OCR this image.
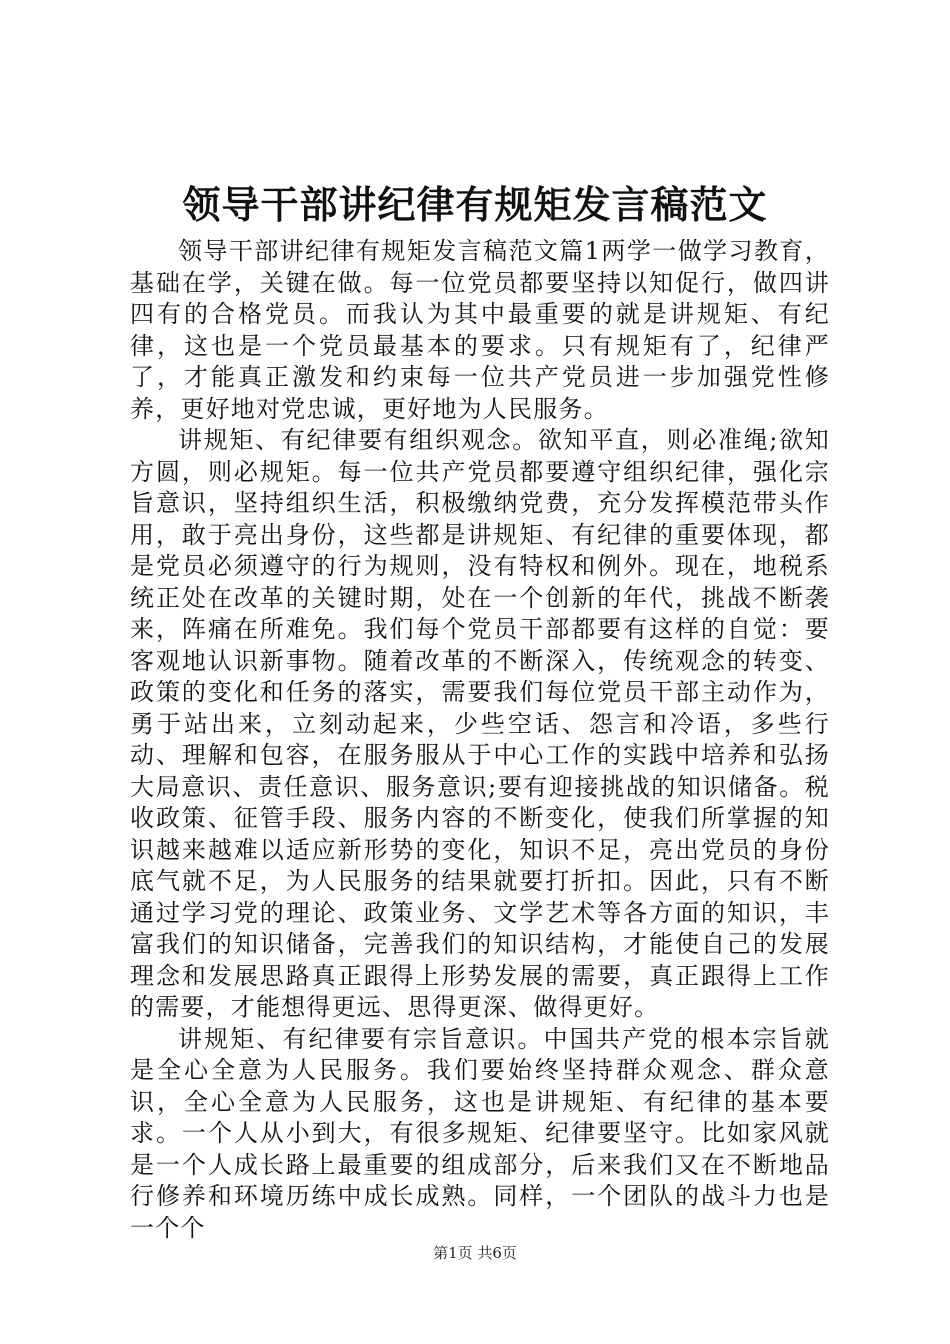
领导干部讲纪律有规矩发言稿范文

领导干部讲纪律有规矩发言稿范文篇1两学一做学习教育，基础在学，关键在做。每一位党员都要坚持以知促行，做四讲四有的合格党员。而我认为其中最重要的就是讲规矩、有纪律，这也是一个党员最基本的要求。只有规矩有了，纪律严了，才能真正激发和约束每一位共产党员进一步加强党性修养，更好地对党忠诚，更好地为人民服务。

讲规矩、有纪律要有组织观念。欲知平直，则必准绳;欲知方圆，则必规矩。每一位共产党员都要遵守组织纪律，强化宗旨意识，坚持组织生活，积极缴纳党费，充分发挥模范带头作用，敢于亮出身份，这些都是讲规矩、有纪律的重要体现，都是党员必须遵守的行为规则，没有特权和例外。现在，地税系统正处在改革的关键时期，处在一个创新的年代，挑战不断袭来，阵痛在所难免。我们每个党员干部都要有这样的自觉：要客观地认识新事物。随着改革的不断深入，传统观念的转变、政策的变化和任务的落实，需要我们每位党员干部主动作为，勇于站出来，立刻动起来，少些空话、怨言和冷语，多些行动、理解和包容，在服务服从于中心工作的实践中培养和弘扬大局意识、责任意识、服务意识;要有迎接挑战的知识储备。税收政策、征管手段、服务内容的不断变化，使我们所掌握的知识越来越难以适应新形势的变化，知识不足，亮出党员的身份底气就不足，为人民服务的结果就要打折扣。因此，只有不断通过学习党的理论、政策业务、文学艺术等各方面的知识，丰富我们的知识储备，完善我们的知识结构，才能使自己的发展理念和发展思路真正跟得上形势发展的需要，真正跟得上工作的需要，才能想得更远、思得更深、做得更好。

讲规矩、有纪律要有宗旨意识。中国共产党的根本宗旨就是全心全意为人民服务。我们要始终坚持群众观念、群众意识，全心全意为人民服务，这也是讲规矩、有纪律的基本要求。一个人从小到大，有很多规矩、纪律要坚守。比如家风就是一个人成长路上最重要的组成部分，后来我们又在不断地品行修养和环境历练中成长成熟。同样，一个团队的战斗力也是一个个

第1页 共6页
